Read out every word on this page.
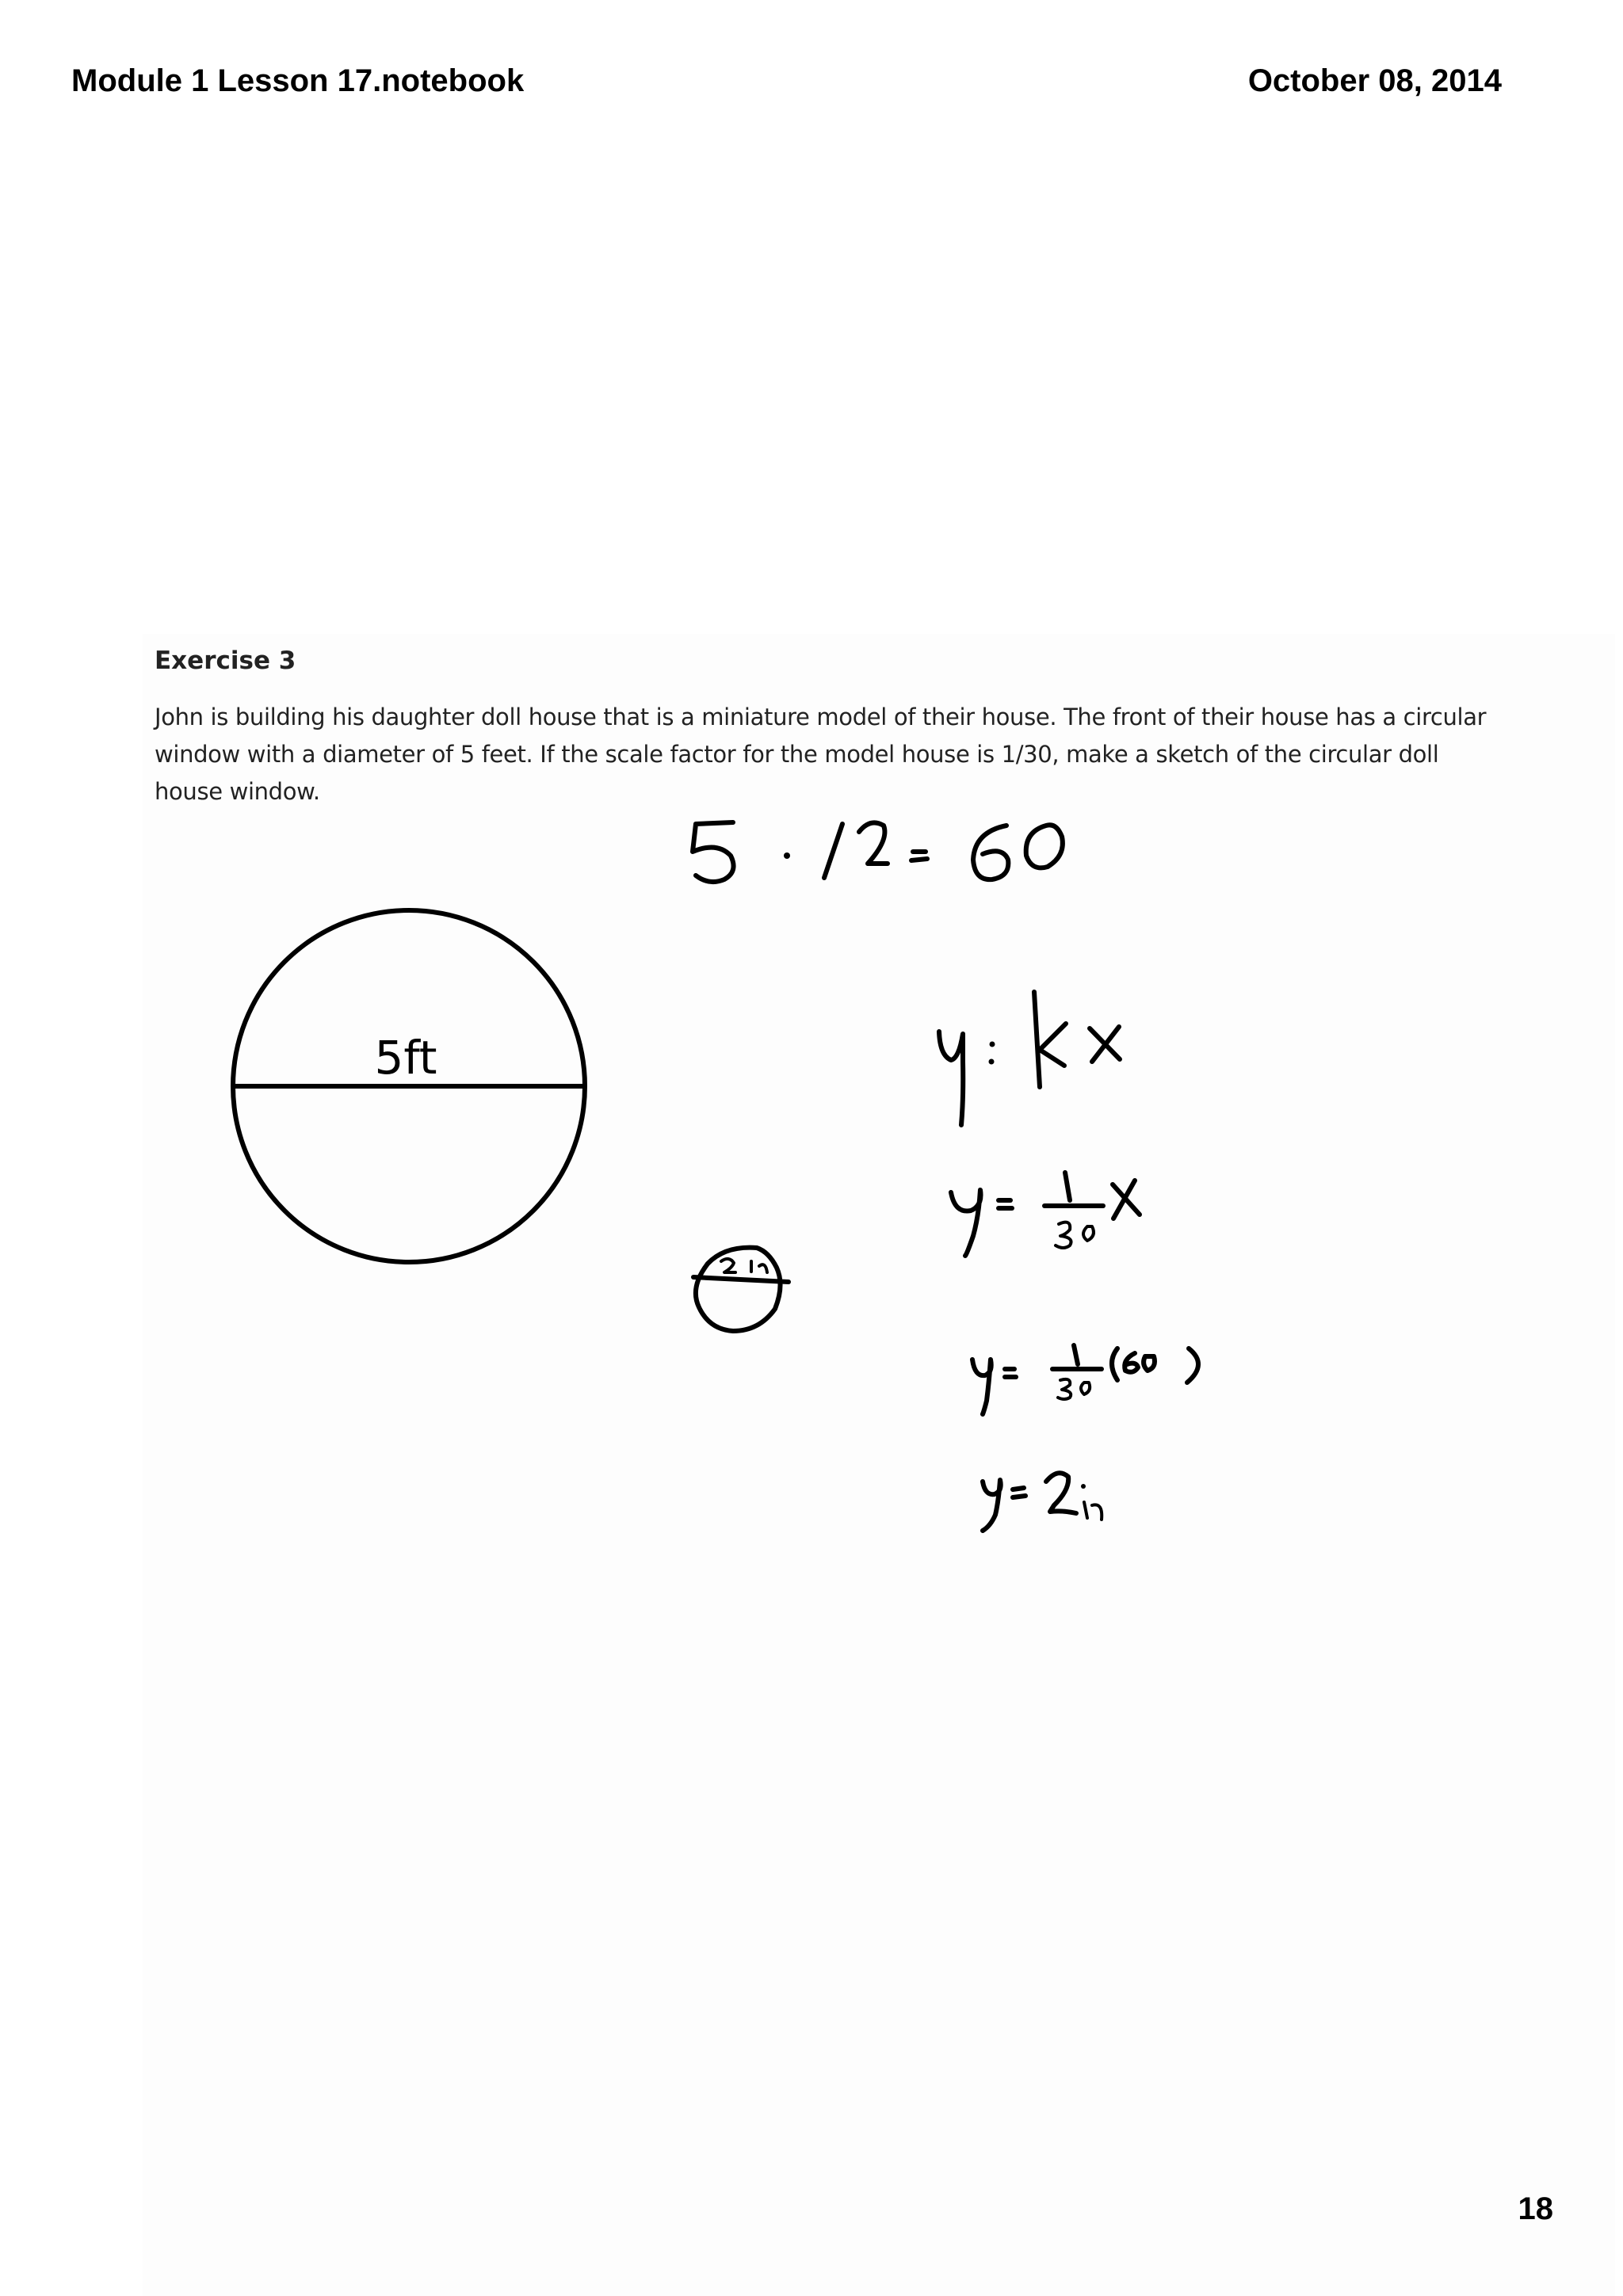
Module 1 Lesson 17.notebook	October 08, 2014
Exercise 3
John is building his daughter doll house that is a miniature model of their house. The front of their house has a circular window with a diameter of 5 feet. If the scale factor for the model house is 1/30, make a sketch of the circular doll house window.
5ft
18
